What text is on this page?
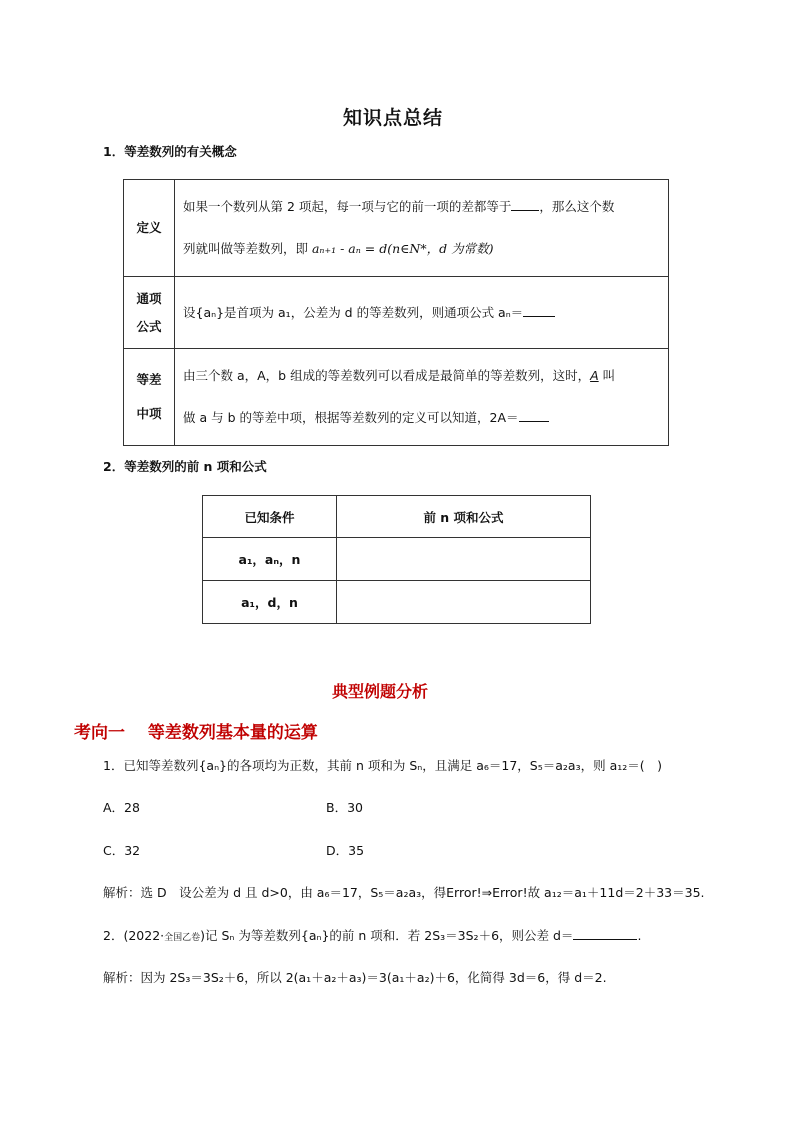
知识点总结
1．等差数列的有关概念
定义	如果一个数列从第 2 项起，每一项与它的前一项的差都等于 ，那么这个数
列就叫做等差数列，即 aₙ₊₁ - aₙ = d(n∈N*，d 为常数)
通项
公式	设{aₙ}是首项为 a₁，公差为 d 的等差数列，则通项公式 aₙ＝
等差
中项	由三个数 a，A，b 组成的等差数列可以看成是最简单的等差数列，这时，A 叫
做 a 与 b 的等差中项，根据等差数列的定义可以知道，2A＝
2．等差数列的前 n 项和公式
已知条件	前 n 项和公式
a₁，aₙ，n	
a₁，d，n	
典型例题分析
考向一　 等差数列基本量的运算
1．已知等差数列{aₙ}的各项均为正数，其前 n 项和为 Sₙ，且满足 a₆＝17，S₅＝a₂a₃，则 a₁₂＝(　)
A．28	B．30
C．32	D．35
解析：选 D　设公差为 d 且 d>0，由 a₆＝17，S₅＝a₂a₃，得Error!⇒Error!故 a₁₂＝a₁＋11d＝2＋33＝35.
2．(2022·全国乙卷)记 Sₙ 为等差数列{aₙ}的前 n 项和．若 2S₃＝3S₂＋6，则公差 d＝	.
解析：因为 2S₃＝3S₂＋6，所以 2(a₁＋a₂＋a₃)＝3(a₁＋a₂)＋6，化简得 3d＝6，得 d＝2.
